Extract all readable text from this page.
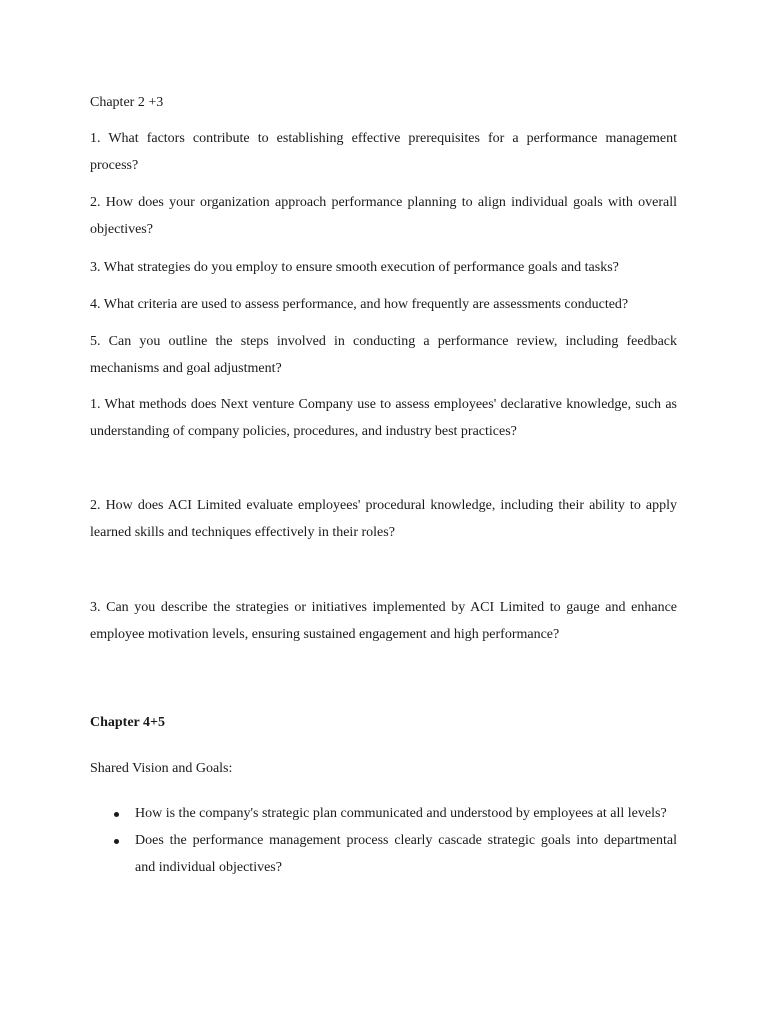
Chapter 2 +3

1. What factors contribute to establishing effective prerequisites for a performance management process?

2. How does your organization approach performance planning to align individual goals with overall objectives?

3. What strategies do you employ to ensure smooth execution of performance goals and tasks?

4. What criteria are used to assess performance, and how frequently are assessments conducted?

5. Can you outline the steps involved in conducting a performance review, including feedback mechanisms and goal adjustment?

1. What methods does Next venture Company use to assess employees' declarative knowledge, such as understanding of company policies, procedures, and industry best practices?

2. How does ACI Limited evaluate employees' procedural knowledge, including their ability to apply learned skills and techniques effectively in their roles?

3. Can you describe the strategies or initiatives implemented by ACI Limited to gauge and enhance employee motivation levels, ensuring sustained engagement and high performance?

Chapter 4+5

Shared Vision and Goals:

How is the company's strategic plan communicated and understood by employees at all levels?
Does the performance management process clearly cascade strategic goals into departmental and individual objectives?
